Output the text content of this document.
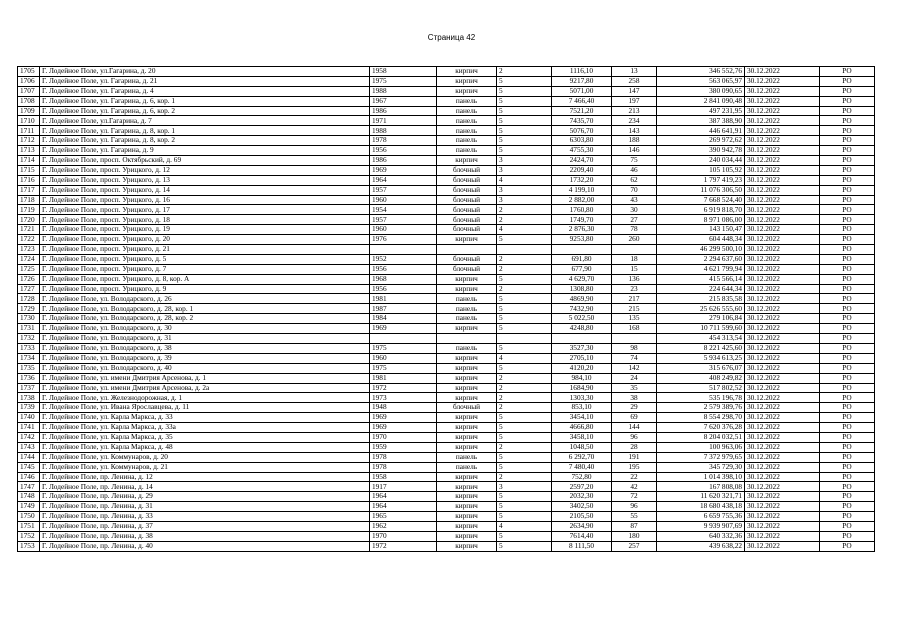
Страница 42
1705	Г. Лодейное Поле, ул.Гагарина, д. 20	1958	кирпич	2	1116,10	13	346 552,76	30.12.2022	РО
1706	Г. Лодейное Поле, ул. Гагарина, д. 21	1975	кирпич	5	9217,80	258	563 065,97	30.12.2022	РО
1707	Г. Лодейное Поле, ул. Гагарина, д. 4	1988	кирпич	5	5071,00	147	380 090,65	30.12.2022	РО
1708	Г. Лодейное Поле, ул. Гагарина, д. 6, кор. 1	1967	панель	5	7 466,40	197	2 841 090,48	30.12.2022	РО
1709	Г. Лодейное Поле, ул. Гагарина, д. 6, кор. 2	1986	панель	5	7521,20	213	497 231,95	30.12.2022	РО
1710	Г. Лодейное Поле, ул.Гагарина, д. 7	1971	панель	5	7435,70	234	387 388,90	30.12.2022	РО
1711	Г. Лодейное Поле, ул. Гагарина, д. 8, кор. 1	1988	панель	5	5076,70	143	446 641,91	30.12.2022	РО
1712	Г. Лодейное Поле, ул. Гагарина, д. 8, кор. 2	1978	панель	5	6303,80	188	269 972,62	30.12.2022	РО
1713	Г. Лодейное Поле, ул. Гагарина, д. 9	1956	панель	5	4755,30	146	390 942,78	30.12.2022	РО
1714	Г. Лодейное Поле, просп. Октябрьский, д. 69	1986	кирпич	3	2424,70	75	240 034,44	30.12.2022	РО
1715	Г. Лодейное Поле, просп. Урицкого, д. 12	1969	блочный	3	2209,40	46	105 105,92	30.12.2022	РО
1716	Г. Лодейное Поле, просп. Урицкого, д. 13	1964	блочный	4	1732,20	62	1 797 419,23	30.12.2022	РО
1717	Г. Лодейное Поле, просп. Урицкого, д. 14	1957	блочный	3	4 199,10	70	11 076 306,50	30.12.2022	РО
1718	Г. Лодейное Поле, просп. Урицкого, д. 16	1960	блочный	3	2 882,00	43	7 668 524,40	30.12.2022	РО
1719	Г. Лодейное Поле, просп. Урицкого, д. 17	1954	блочный	2	1760,80	30	6 919 818,70	30.12.2022	РО
1720	Г. Лодейное Поле, просп. Урицкого, д. 18	1957	блочный	2	1749,70	27	8 971 086,00	30.12.2022	РО
1721	Г. Лодейное Поле, просп. Урицкого, д. 19	1960	блочный	4	2 876,30	78	143 150,47	30.12.2022	РО
1722	Г. Лодейное Поле, просп. Урицкого, д. 20	1976	кирпич	5	9253,80	260	604 448,34	30.12.2022	РО
1723	Г. Лодейное Поле, просп. Урицкого, д. 21						46 299 500,10	30.12.2022	РО
1724	Г. Лодейное Поле, просп. Урицкого, д. 5	1952	блочный	2	691,80	18	2 294 637,60	30.12.2022	РО
1725	Г. Лодейное Поле, просп. Урицкого, д. 7	1956	блочный	2	677,90	15	4 621 799,94	30.12.2022	РО
1726	Г. Лодейное Поле, просп. Урицкого, д. 8, кор. А	1968	кирпич	5	4 629,70	136	415 566,14	30.12.2022	РО
1727	Г. Лодейное Поле, просп. Урицкого, д. 9	1956	кирпич	2	1308,80	23	224 644,34	30.12.2022	РО
1728	Г. Лодейное Поле, ул. Володарского, д. 26	1981	панель	5	4869,90	217	215 835,58	30.12.2022	РО
1729	Г. Лодейное Поле, ул. Володарского, д. 28, кор. 1	1987	панель	5	7432,90	215	25 626 555,60	30.12.2022	РО
1730	Г. Лодейное Поле, ул. Володарского, д. 28, кор. 2	1984	панель	5	5 022,50	135	279 106,84	30.12.2022	РО
1731	Г. Лодейное Поле, ул. Володарского, д. 30	1969	кирпич	5	4248,80	168	10 711 599,60	30.12.2022	РО
1732	Г. Лодейное Поле, ул. Володарского, д. 31						454 313,54	30.12.2022	РО
1733	Г. Лодейное Поле, ул. Володарского, д. 38	1975	панель	5	3527,30	98	8 221 425,60	30.12.2022	РО
1734	Г. Лодейное Поле, ул. Володарского, д. 39	1960	кирпич	4	2705,10	74	5 934 613,25	30.12.2022	РО
1735	Г. Лодейное Поле, ул. Володарского, д. 40	1975	кирпич	5	4120,20	142	315 676,07	30.12.2022	РО
1736	Г. Лодейное Поле, ул. имени Дмитрия Арсенова, д. 1	1981	кирпич	2	984,10	24	408 249,82	30.12.2022	РО
1737	Г. Лодейное Поле, ул. имени Дмитрия Арсенова, д. 2а	1972	кирпич	2	1684,90	35	517 802,52	30.12.2022	РО
1738	Г. Лодейное Поле, ул. Железнодорожная, д. 1	1973	кирпич	2	1303,30	38	535 196,78	30.12.2022	РО
1739	Г. Лодейное Поле, ул. Ивана Ярославцева, д. 11	1948	блочный	2	853,10	29	2 579 389,76	30.12.2022	РО
1740	Г. Лодейное Поле, ул. Карла Маркса, д. 33	1969	кирпич	5	3454,10	69	8 554 298,70	30.12.2022	РО
1741	Г. Лодейное Поле, ул. Карла Маркса, д. 33а	1969	кирпич	5	4666,80	144	7 620 376,28	30.12.2022	РО
1742	Г. Лодейное Поле, ул. Карла Маркса, д. 35	1970	кирпич	5	3458,10	96	8 204 032,51	30.12.2022	РО
1743	Г. Лодейное Поле, ул. Карла Маркса, д. 48	1959	кирпич	2	1048,50	28	100 963,06	30.12.2022	РО
1744	Г. Лодейное Поле, ул. Коммунаров, д. 20	1978	панель	5	6 292,70	191	7 372 979,65	30.12.2022	РО
1745	Г. Лодейное Поле, ул. Коммунаров, д. 21	1978	панель	5	7 480,40	195	345 729,30	30.12.2022	РО
1746	Г. Лодейное Поле, пр. Ленина, д. 12	1958	кирпич	2	752,80	22	1 014 398,10	30.12.2022	РО
1747	Г. Лодейное Поле, пр. Ленина, д. 14	1917	кирпич	3	2597,20	42	167 808,08	30.12.2022	РО
1748	Г. Лодейное Поле, пр. Ленина, д. 29	1964	кирпич	5	2032,30	72	11 620 321,71	30.12.2022	РО
1749	Г. Лодейное Поле, пр. Ленина, д. 31	1964	кирпич	5	3402,50	96	18 680 438,18	30.12.2022	РО
1750	Г. Лодейное Поле, пр. Ленина, д. 33	1965	кирпич	5	2105,50	55	6 659 755,36	30.12.2022	РО
1751	Г. Лодейное Поле, пр. Ленина, д. 37	1962	кирпич	4	2634,90	87	9 939 907,69	30.12.2022	РО
1752	Г. Лодейное Поле, пр. Ленина, д. 38	1970	кирпич	5	7614,40	180	640 332,36	30.12.2022	РО
1753	Г. Лодейное Поле, пр. Ленина, д. 40	1972	кирпич	5	8 111,50	257	439 638,22	30.12.2022	РО
